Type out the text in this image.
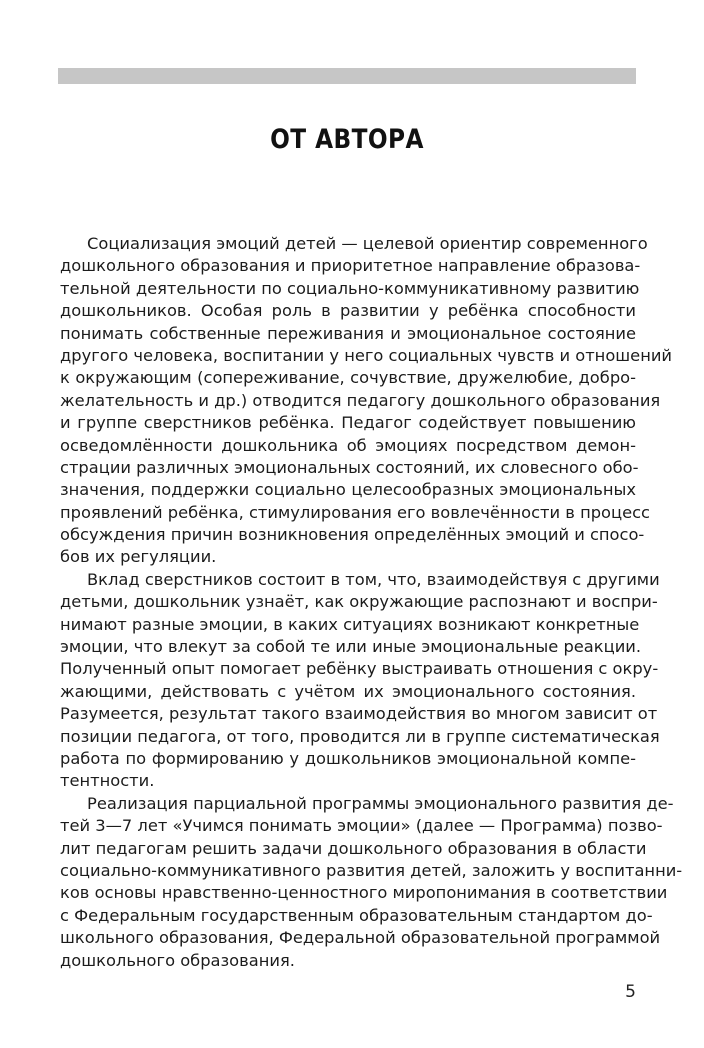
ОТ АВТОРА
Социализация эмоций детей — целевой ориентир современного
дошкольного образования и приоритетное направление образова-
тельной деятельности по социально-коммуникативному развитию
дошкольников. Особая роль в развитии у ребёнка способности
понимать собственные переживания и эмоциональное состояние
другого человека, воспитании у него социальных чувств и отношений
к окружающим (сопереживание, сочувствие, дружелюбие, добро-
желательность и др.) отводится педагогу дошкольного образования
и группе сверстников ребёнка. Педагог содействует повышению
осведомлённости дошкольника об эмоциях посредством демон-
страции различных эмоциональных состояний, их словесного обо-
значения, поддержки социально целесообразных эмоциональных
проявлений ребёнка, стимулирования его вовлечённости в процесс
обсуждения причин возникновения определённых эмоций и спосо-
бов их регуляции.
Вклад сверстников состоит в том, что, взаимодействуя с другими
детьми, дошкольник узнаёт, как окружающие распознают и воспри-
нимают разные эмоции, в каких ситуациях возникают конкретные
эмоции, что влекут за собой те или иные эмоциональные реакции.
Полученный опыт помогает ребёнку выстраивать отношения с окру-
жающими, действовать с учётом их эмоционального состояния.
Разумеется, результат такого взаимодействия во многом зависит от
позиции педагога, от того, проводится ли в группе систематическая
работа по формированию у дошкольников эмоциональной компе-
тентности.
Реализация парциальной программы эмоционального развития де-
тей 3—7 лет «Учимся понимать эмоции» (далее — Программа) позво-
лит педагогам решить задачи дошкольного образования в области
социально-коммуникативного развития детей, заложить у воспитанни-
ков основы нравственно-ценностного миропонимания в соответствии
с Федеральным государственным образовательным стандартом до-
школьного образования, Федеральной образовательной программой
дошкольного образования.
5
